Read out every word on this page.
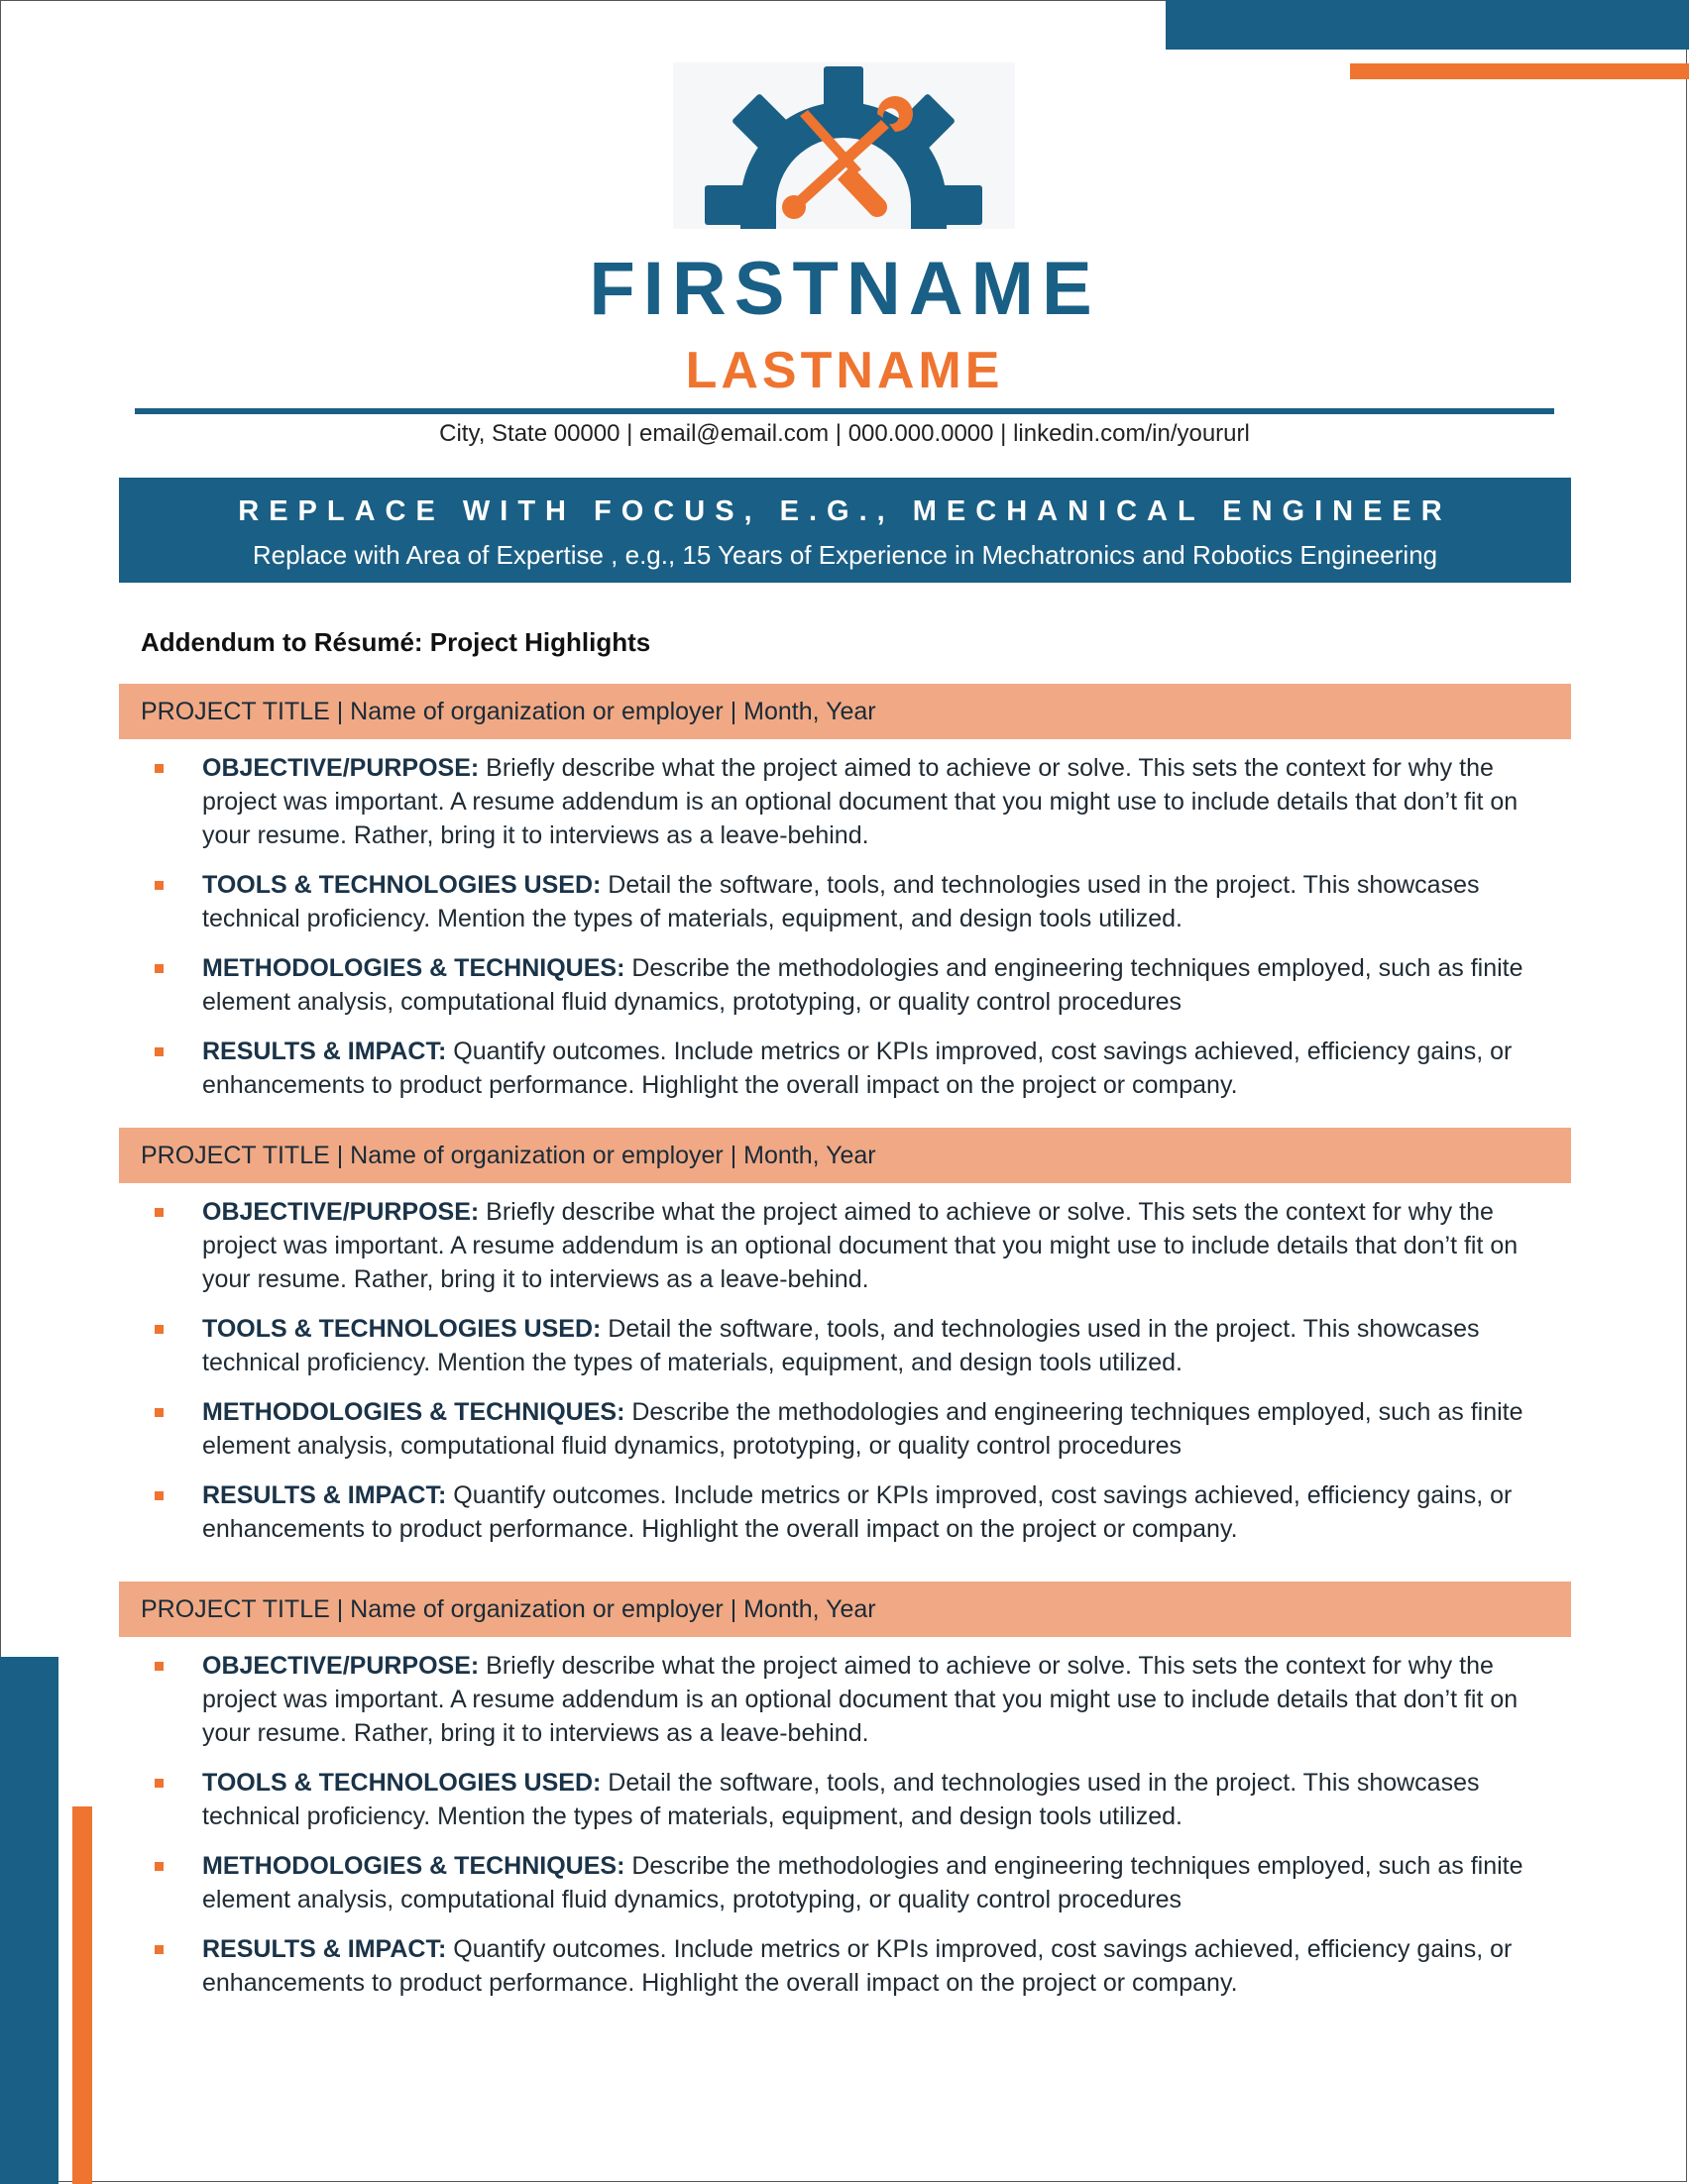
FIRSTNAME
LASTNAME
City, State 00000 | email@email.com | 000.000.0000 | linkedin.com/in/yoururl
REPLACE WITH FOCUS, E.G., MECHANICAL ENGINEER
Replace with Area of Expertise , e.g., 15 Years of Experience in Mechatronics and Robotics Engineering
Addendum to Résumé: Project Highlights
PROJECT TITLE | Name of organization or employer | Month, Year
OBJECTIVE/PURPOSE: Briefly describe what the project aimed to achieve or solve. This sets the context for why the project was important. A resume addendum is an optional document that you might use to include details that don’t fit on your resume. Rather, bring it to interviews as a leave-behind.
TOOLS & TECHNOLOGIES USED: Detail the software, tools, and technologies used in the project. This showcases technical proficiency. Mention the types of materials, equipment, and design tools utilized.
METHODOLOGIES & TECHNIQUES: Describe the methodologies and engineering techniques employed, such as finite element analysis, computational fluid dynamics, prototyping, or quality control procedures
RESULTS & IMPACT: Quantify outcomes. Include metrics or KPIs improved, cost savings achieved, efficiency gains, or enhancements to product performance. Highlight the overall impact on the project or company.
PROJECT TITLE | Name of organization or employer | Month, Year
OBJECTIVE/PURPOSE: Briefly describe what the project aimed to achieve or solve. This sets the context for why the project was important. A resume addendum is an optional document that you might use to include details that don’t fit on your resume. Rather, bring it to interviews as a leave-behind.
TOOLS & TECHNOLOGIES USED: Detail the software, tools, and technologies used in the project. This showcases technical proficiency. Mention the types of materials, equipment, and design tools utilized.
METHODOLOGIES & TECHNIQUES: Describe the methodologies and engineering techniques employed, such as finite element analysis, computational fluid dynamics, prototyping, or quality control procedures
RESULTS & IMPACT: Quantify outcomes. Include metrics or KPIs improved, cost savings achieved, efficiency gains, or enhancements to product performance. Highlight the overall impact on the project or company.
PROJECT TITLE | Name of organization or employer | Month, Year
OBJECTIVE/PURPOSE: Briefly describe what the project aimed to achieve or solve. This sets the context for why the project was important. A resume addendum is an optional document that you might use to include details that don’t fit on your resume. Rather, bring it to interviews as a leave-behind.
TOOLS & TECHNOLOGIES USED: Detail the software, tools, and technologies used in the project. This showcases technical proficiency. Mention the types of materials, equipment, and design tools utilized.
METHODOLOGIES & TECHNIQUES: Describe the methodologies and engineering techniques employed, such as finite element analysis, computational fluid dynamics, prototyping, or quality control procedures
RESULTS & IMPACT: Quantify outcomes. Include metrics or KPIs improved, cost savings achieved, efficiency gains, or enhancements to product performance. Highlight the overall impact on the project or company.
